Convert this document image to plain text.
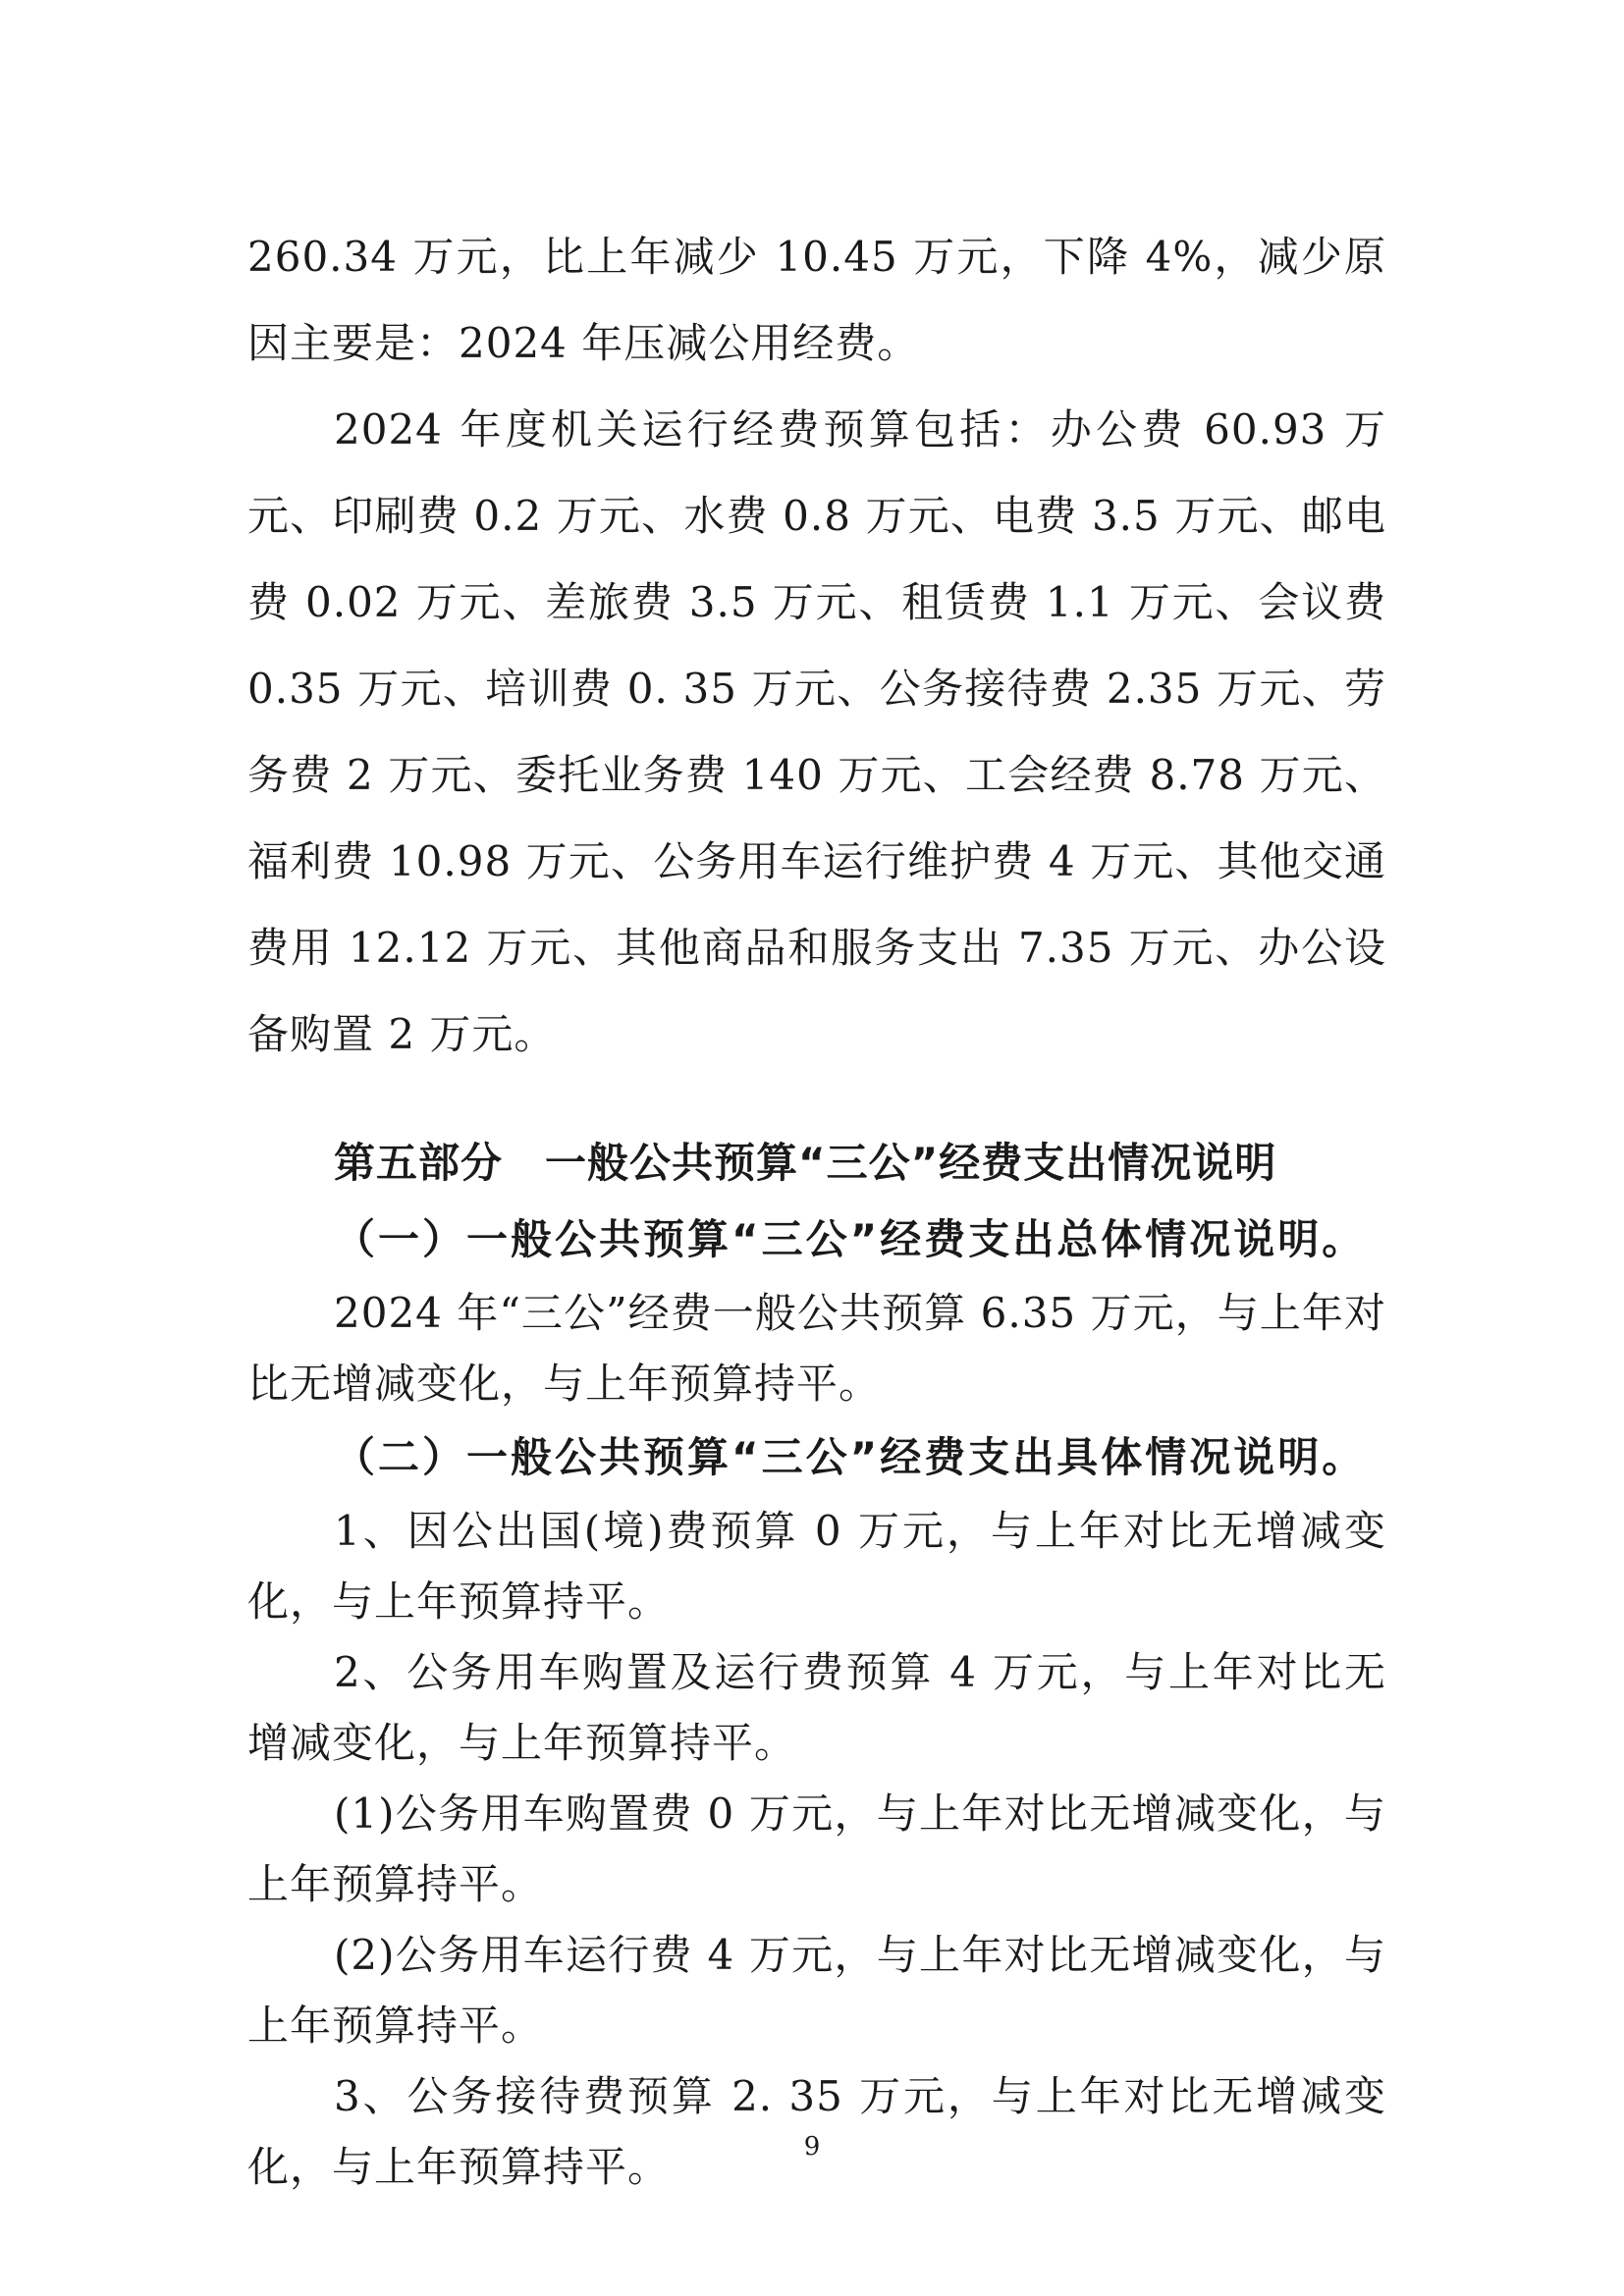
260.34 万元，比上年减少 10.45 万元，下降 4%，减少原因主要是：2024 年压减公用经费。

2024 年度机关运行经费预算包括：办公费 60.93 万元、印刷费 0.2 万元、水费 0.8 万元、电费 3.5 万元、邮电费 0.02 万元、差旅费 3.5 万元、租赁费 1.1 万元、会议费 0.35 万元、培训费 0. 35 万元、公务接待费 2.35 万元、劳务费 2 万元、委托业务费 140 万元、工会经费 8.78 万元、福利费 10.98 万元、公务用车运行维护费 4 万元、其他交通费用 12.12 万元、其他商品和服务支出 7.35 万元、办公设备购置 2 万元。

第五部分　一般公共预算“三公”经费支出情况说明
（一）一般公共预算“三公”经费支出总体情况说明。

2024 年“三公”经费一般公共预算 6.35 万元，与上年对比无增减变化，与上年预算持平。

（二）一般公共预算“三公”经费支出具体情况说明。

1、因公出国(境)费预算 0 万元，与上年对比无增减变化，与上年预算持平。

2、公务用车购置及运行费预算 4 万元，与上年对比无增减变化，与上年预算持平。

(1)公务用车购置费 0 万元，与上年对比无增减变化，与上年预算持平。

(2)公务用车运行费 4 万元，与上年对比无增减变化，与上年预算持平。

3、公务接待费预算 2. 35 万元，与上年对比无增减变化，与上年预算持平。	9
